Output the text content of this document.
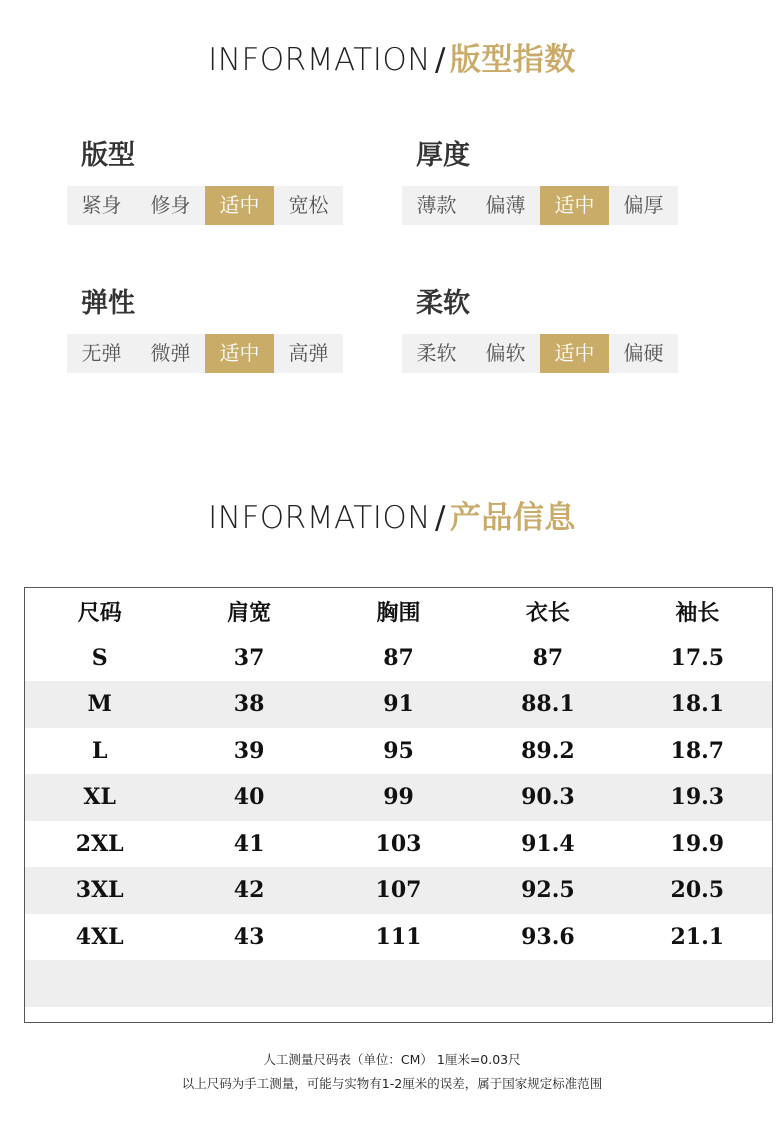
INFORMATION / 版型指数
版型
紧身	修身	适中	宽松
厚度
薄款	偏薄	适中	偏厚
弹性
无弹	微弹	适中	高弹
柔软
柔软	偏软	适中	偏硬
INFORMATION / 产品信息
尺码	肩宽	胸围	衣长	袖长
S	37	87	87	17.5
M	38	91	88.1	18.1
L	39	95	89.2	18.7
XL	40	99	90.3	19.3
2XL	41	103	91.4	19.9
3XL	42	107	92.5	20.5
4XL	43	111	93.6	21.1
人工测量尺码表（单位：CM） 1厘米=0.03尺
以上尺码为手工测量，可能与实物有1-2厘米的误差，属于国家规定标准范围
